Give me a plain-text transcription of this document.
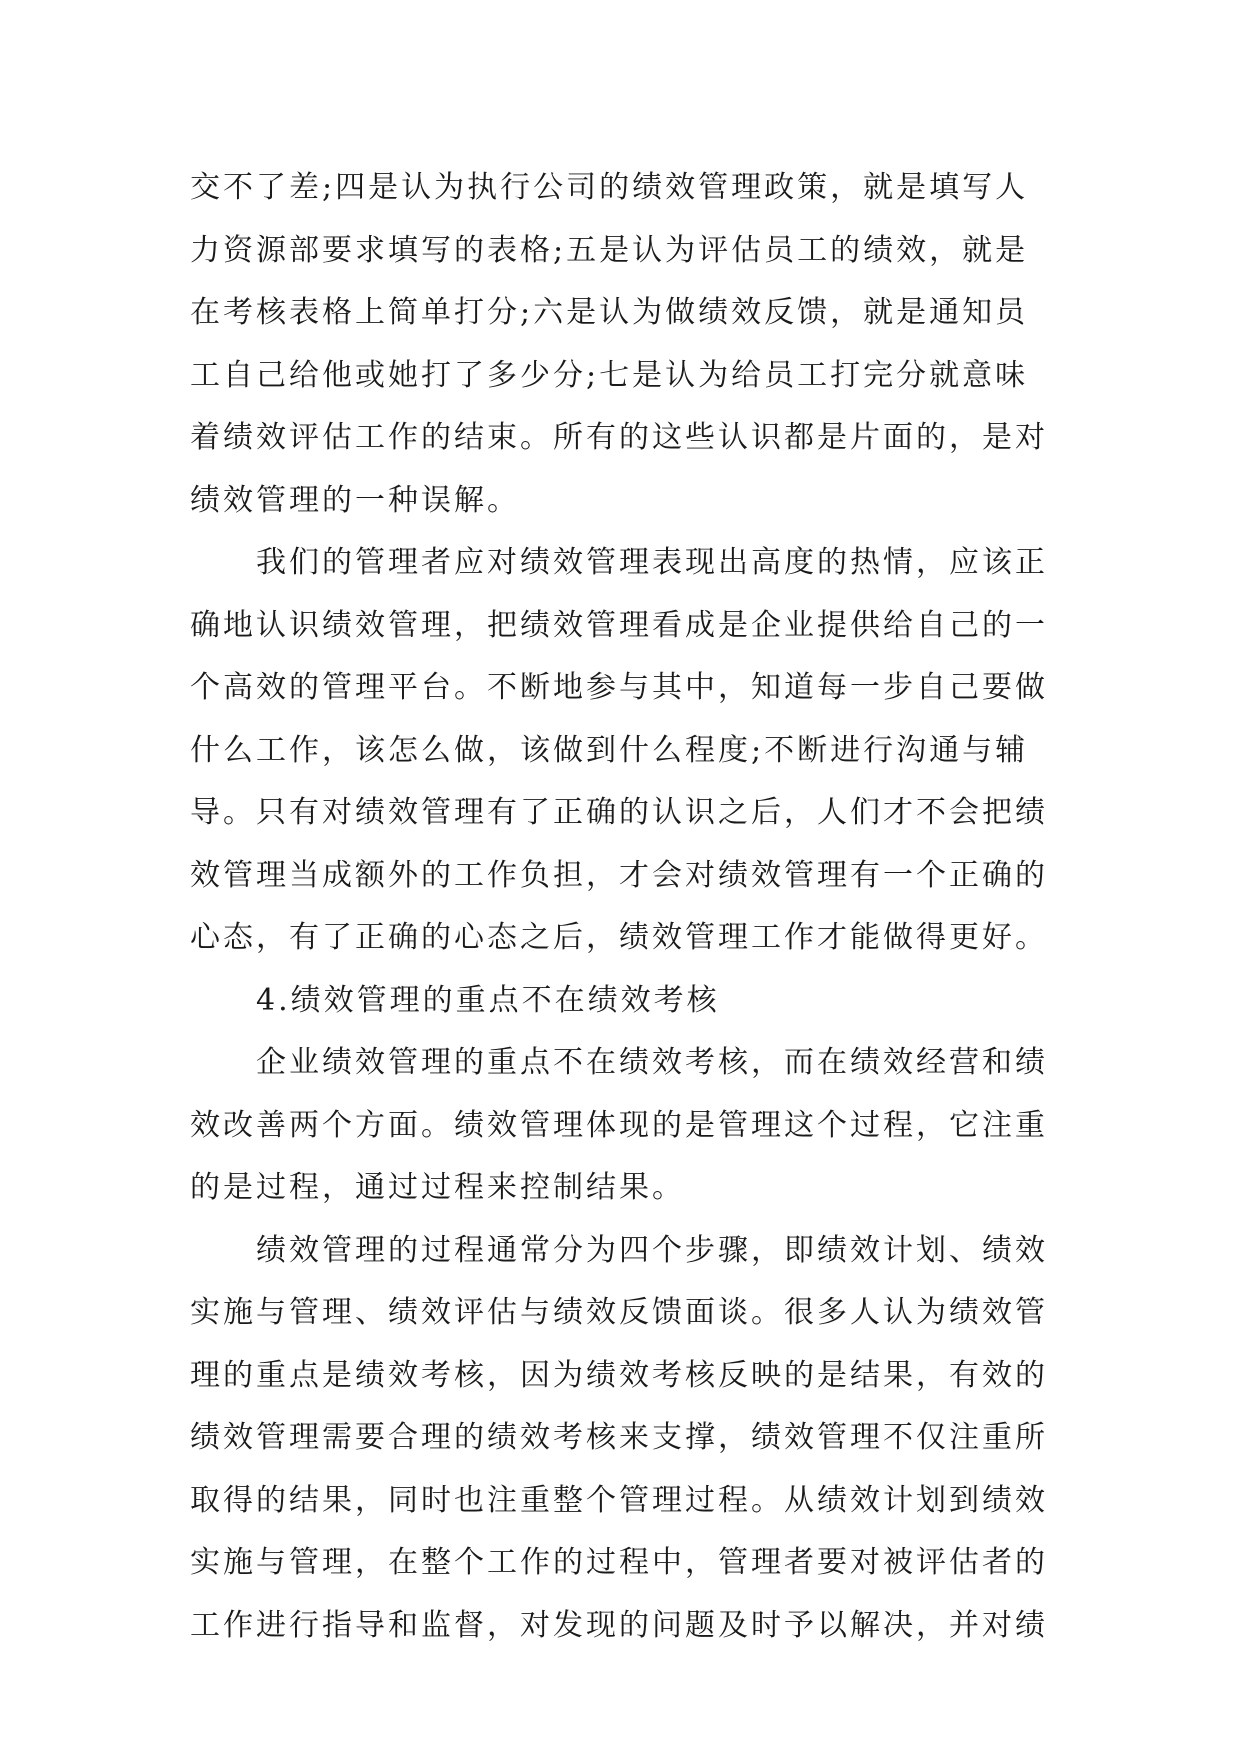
交不了差;四是认为执行公司的绩效管理政策，就是填写人
力资源部要求填写的表格;五是认为评估员工的绩效，就是
在考核表格上简单打分;六是认为做绩效反馈，就是通知员
工自己给他或她打了多少分;七是认为给员工打完分就意味
着绩效评估工作的结束。所有的这些认识都是片面的，是对
绩效管理的一种误解。
我们的管理者应对绩效管理表现出高度的热情，应该正
确地认识绩效管理，把绩效管理看成是企业提供给自己的一
个高效的管理平台。不断地参与其中，知道每一步自己要做
什么工作，该怎么做，该做到什么程度;不断进行沟通与辅
导。只有对绩效管理有了正确的认识之后，人们才不会把绩
效管理当成额外的工作负担，才会对绩效管理有一个正确的
心态，有了正确的心态之后，绩效管理工作才能做得更好。
4.绩效管理的重点不在绩效考核
企业绩效管理的重点不在绩效考核，而在绩效经营和绩
效改善两个方面。绩效管理体现的是管理这个过程，它注重
的是过程，通过过程来控制结果。
绩效管理的过程通常分为四个步骤，即绩效计划、绩效
实施与管理、绩效评估与绩效反馈面谈。很多人认为绩效管
理的重点是绩效考核，因为绩效考核反映的是结果，有效的
绩效管理需要合理的绩效考核来支撑，绩效管理不仅注重所
取得的结果，同时也注重整个管理过程。从绩效计划到绩效
实施与管理，在整个工作的过程中，管理者要对被评估者的
工作进行指导和监督，对发现的问题及时予以解决，并对绩
